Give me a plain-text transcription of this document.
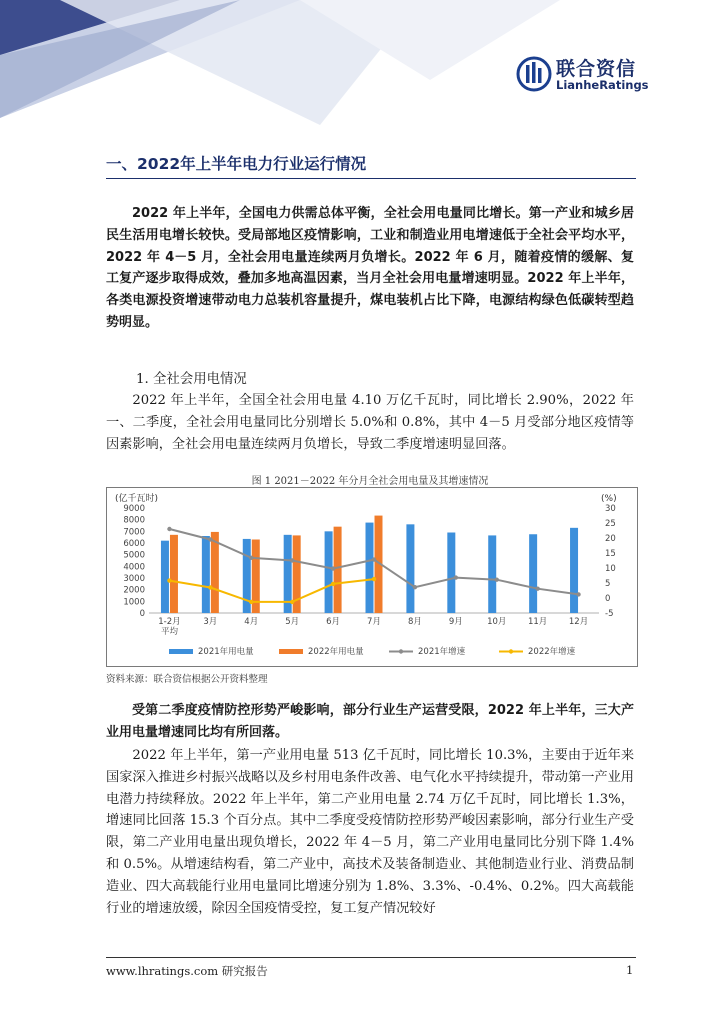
联合资信
LianheRatings
一、2022年上半年电力行业运行情况

2022 年上半年，全国电力供需总体平衡，全社会用电量同比增长。第一产业和城乡居民生活用电增长较快。受局部地区疫情影响，工业和制造业用电增速低于全社会平均水平，2022 年 4－5 月，全社会用电量连续两月负增长。2022 年 6 月，随着疫情的缓解、复工复产逐步取得成效，叠加多地高温因素，当月全社会用电量增速明显。2022 年上半年，各类电源投资增速带动电力总装机容量提升，煤电装机占比下降，电源结构绿色低碳转型趋势明显。

1. 全社会用电情况

2022 年上半年，全国全社会用电量 4.10 万亿千瓦时，同比增长 2.90%，2022 年一、二季度，全社会用电量同比分别增长 5.0%和 0.8%，其中 4－5 月受部分地区疫情等因素影响，全社会用电量连续两月负增长，导致二季度增速明显回落。

图 1 2021－2022 年分月全社会用电量及其增速情况
(亿千瓦时)	(%)
0
1000
2000
3000
4000
5000
6000
7000
8000
9000
-5
0
5
10
15
20
25
30
1-2月
平均
3月	4月	5月	6月	7月	8月	9月	10月	11月	12月
2021年用电量	2022年用电量	2021年增速	2022年增速
资料来源：联合资信根据公开资料整理

受第二季度疫情防控形势严峻影响，部分行业生产运营受限，2022 年上半年，三大产业用电量增速同比均有所回落。

2022 年上半年，第一产业用电量 513 亿千瓦时，同比增长 10.3%，主要由于近年来国家深入推进乡村振兴战略以及乡村用电条件改善、电气化水平持续提升，带动第一产业用电潜力持续释放。2022 年上半年，第二产业用电量 2.74 万亿千瓦时，同比增长 1.3%，增速同比回落 15.3 个百分点。其中二季度受疫情防控形势严峻因素影响，部分行业生产受限，第二产业用电量出现负增长，2022 年 4－5 月，第二产业用电量同比分别下降 1.4%和 0.5%。从增速结构看，第二产业中，高技术及装备制造业、其他制造业行业、消费品制造业、四大高载能行业用电量同比增速分别为 1.8%、3.3%、-0.4%、0.2%。四大高载能行业的增速放缓，除因全国疫情受控，复工复产情况较好

www.lhratings.com 研究报告	1
